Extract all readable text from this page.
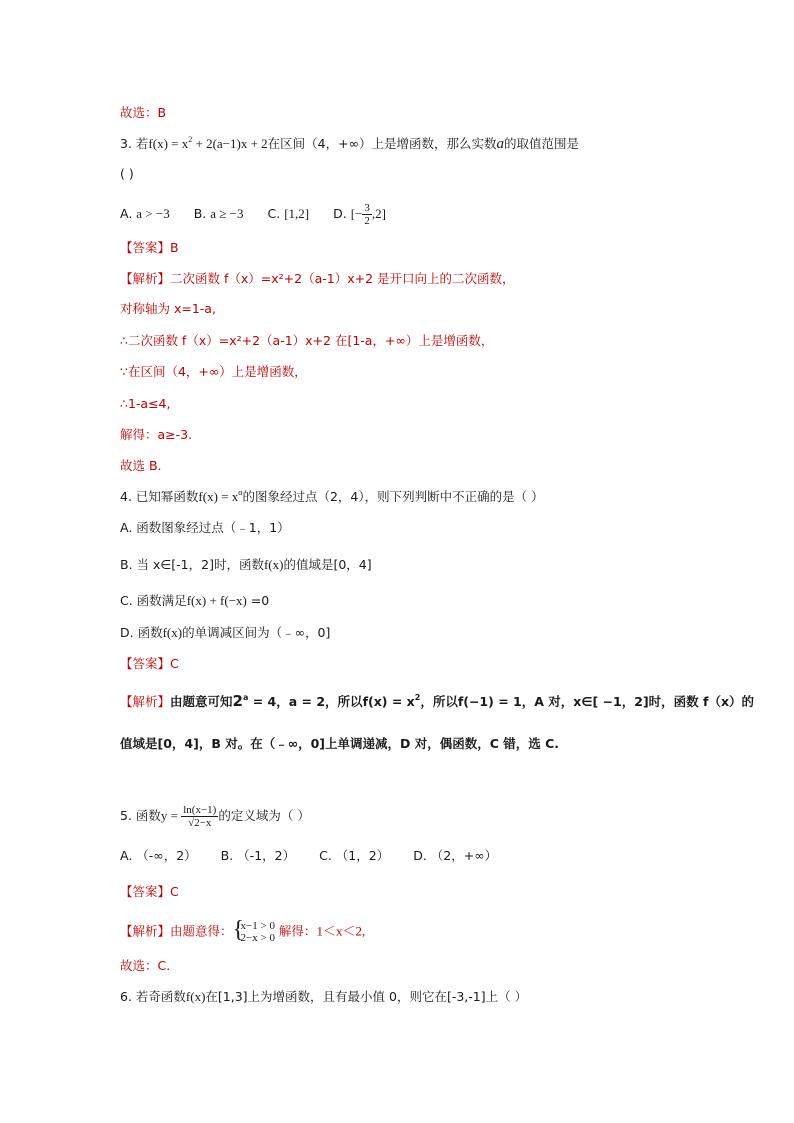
故选：B
3. 若$f(x) = x^2 + 2(a-1)x + 2$在区间（4，+∞）上是增函数，那么实数a的取值范围是
( )
A. a > −3 B. a ≥ −3 C. [1,2] D. [− $\frac{3}{2} ,2$]
【答案】B
【解析】二次函数 f（x）=x²+2（a-1）x+2 是开口向上的二次函数，
对称轴为 x=1-a,
∴二次函数 f（x）=x²+2（a-1）x+2 在[1-a，+∞）上是增函数，
∵在区间（4，+∞）上是增函数，
∴1-a≤4,
解得：a≥-3.
故选 B.
4. 已知幂函数$f(x) = x^\alpha$的图象经过点（2，4），则下列判断中不正确的是（ ）
A. 函数图象经过点（﹣1，1）
B. 当 x∈[-1，2]时，函数f(x)的值域是[0，4]
C. 函数满足f(x) + f(−x) =0
D. 函数f(x)的单调减区间为（﹣∞，0]
【答案】C
【解析】由题意可知$2^a = 4$，a = 2，所以$f(x) = x^2$，所以f(−1) = 1，A 对，x∈[ −1，2]时，函数 f（x）的
值域是[0，4]，B 对。在（﹣∞，0]上单调递减，D 对，偶函数，C 错，选 C.
5. 函数$y = \frac{\ln(x-1)}{√2-x}$ 的定义域为（ ）
A. （-∞，2） B. （-1，2） C. （1，2） D. （2，+∞）
【答案】C
【解析】由题意得： {
x−1 > 0
2−x > 0 解得：1＜x＜2,
故选：C.
6. 若奇函数f(x)在[1,3]上为增函数，且有最小值 0，则它在[-3,-1]上（ ）
